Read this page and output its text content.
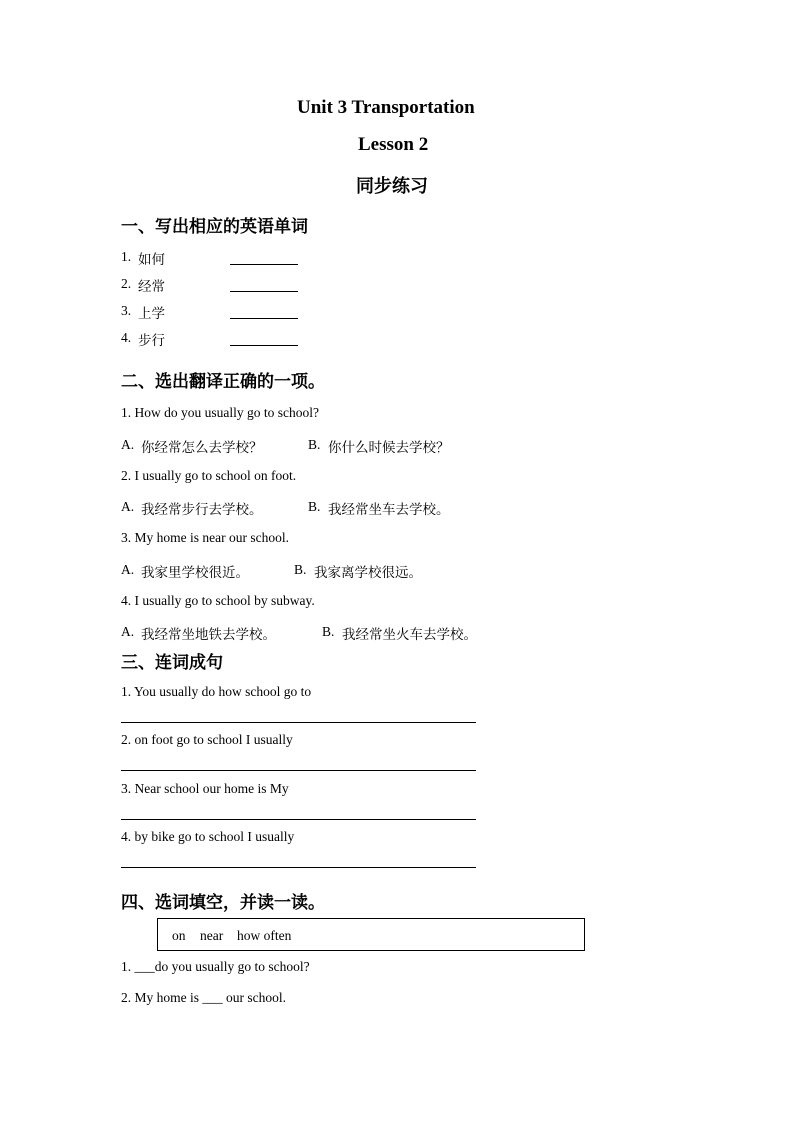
Unit 3 Transportation
Lesson 2
同步练习
一、写出相应的英语单词
1. 如何
2. 经常
3. 上学
4. 步行
二、选出翻译正确的一项。
1. How do you usually go to school?
A. 你经常怎么去学校？	B. 你什么时候去学校？
2. I usually go to school on foot.
A. 我经常步行去学校。	B. 我经常坐车去学校。
3. My home is near our school.
A. 我家里学校很近。	B. 我家离学校很远。
4. I usually go to school by subway.
A. 我经常坐地铁去学校。	B. 我经常坐火车去学校。
三、连词成句
1. You usually do how school go to
2. on foot go to school I usually
3. Near school our home is My
4. by bike go to school I usually
四、选词填空，并读一读。
on near how often
1. ___do you usually go to school?
2. My home is ___ our school.
